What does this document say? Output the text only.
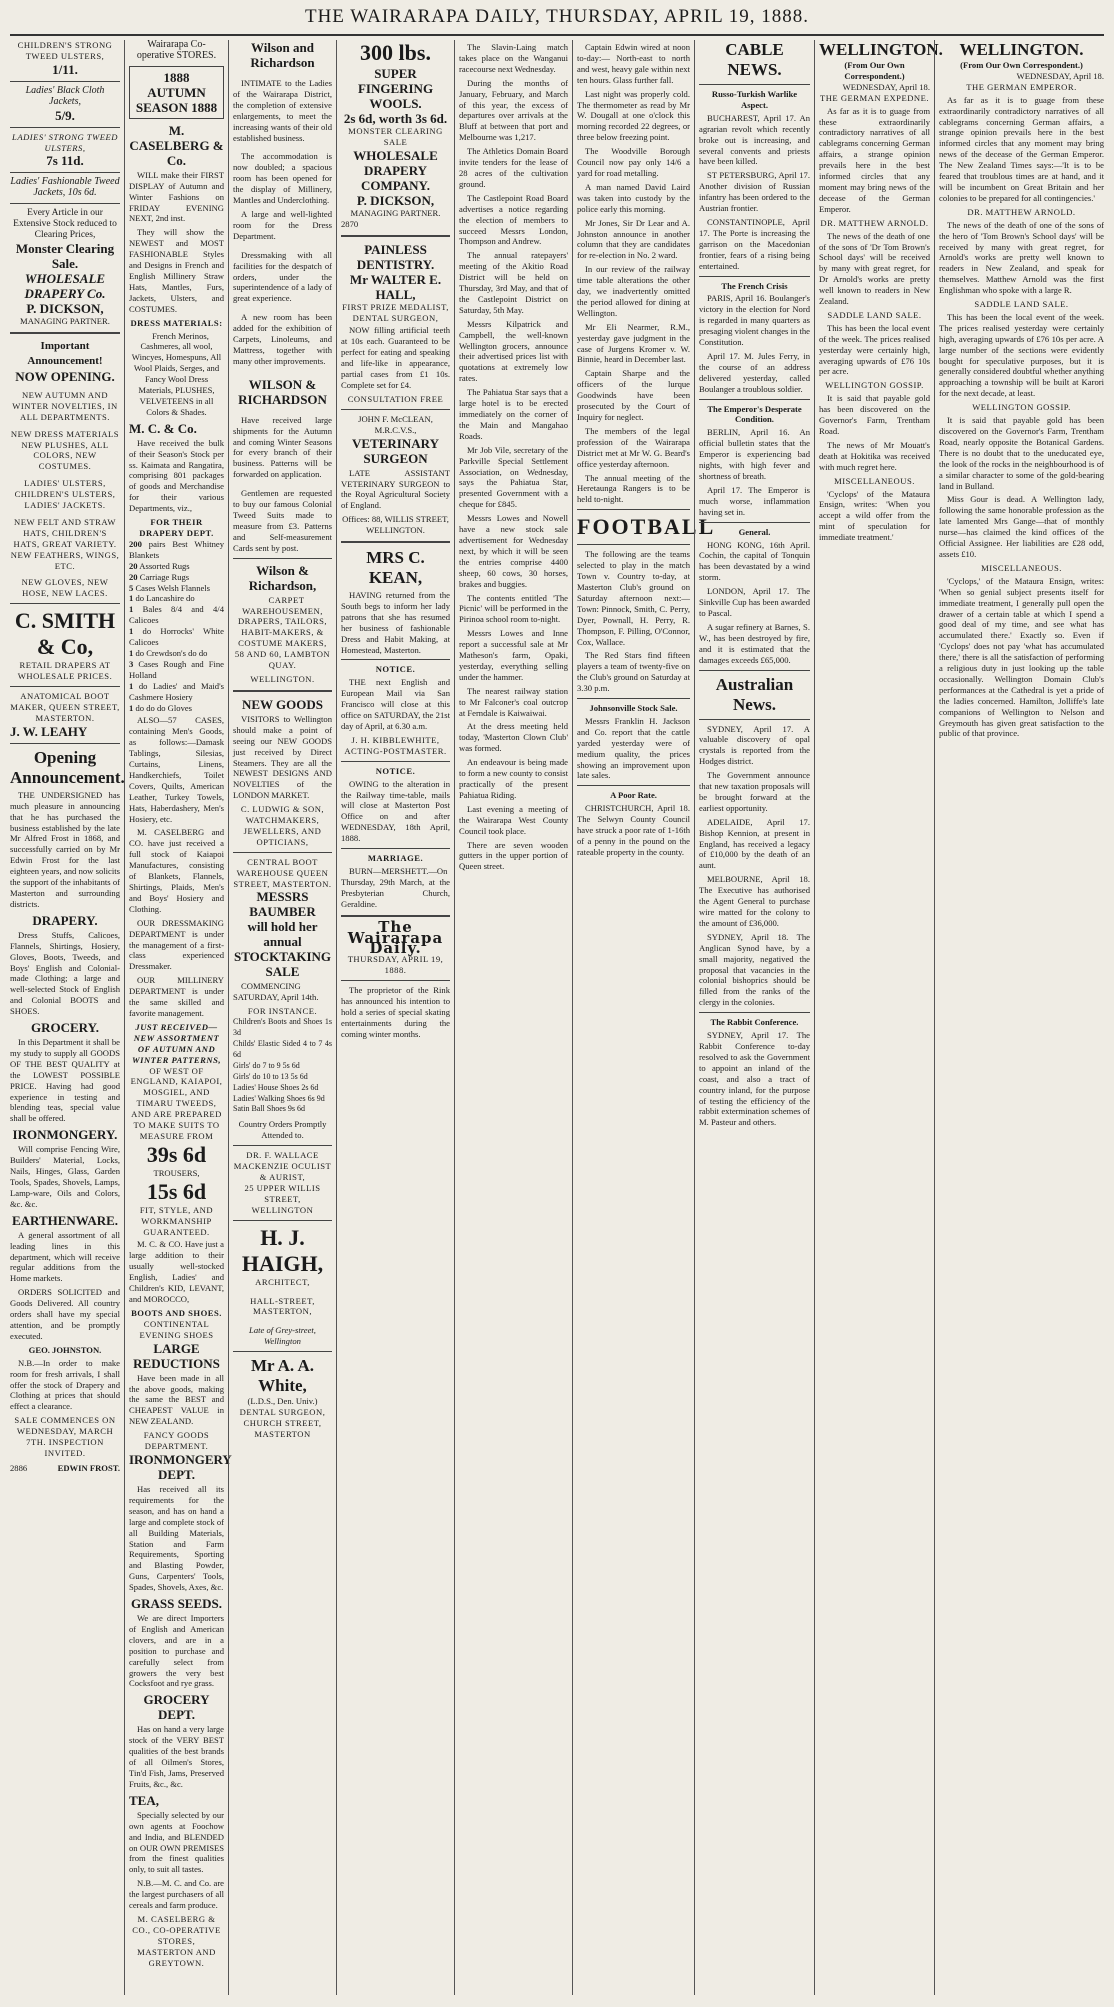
THE WAIRARAPA DAILY, THURSDAY, APRIL 19, 1888.
CHILDREN'S STRONG TWEED ULSTERS,
1/11.
Ladies' Black Cloth Jackets,
5/9.
LADIES' STRONG TWEED ULSTERS,
7s 11d.
Ladies' Fashionable Tweed Jackets, 10s 6d.
Every Article in our Extensive Stock reduced to Clearing Prices,
Monster Clearing Sale.
WHOLESALE DRAPERY Co.
P. DICKSON,
MANAGING PARTNER.
Important Announcement!
NOW OPENING.
NEW AUTUMN AND WINTER NOVELTIES, IN ALL DEPARTMENTS.
NEW DRESS MATERIALS NEW PLUSHES, ALL COLORS, NEW COSTUMES.
LADIES' ULSTERS, CHILDREN'S ULSTERS, LADIES' JACKETS.
NEW FELT AND STRAW HATS, CHILDREN'S HATS, GREAT VARIETY. NEW FEATHERS, WINGS, ETC.
NEW GLOVES, NEW HOSE, NEW LACES.
C. SMITH & Co,
RETAIL DRAPERS AT WHOLESALE PRICES.
ANATOMICAL BOOT MAKER, QUEEN STREET, MASTERTON.
J. W. LEAHY
Opening Announcement.

THE UNDERSIGNED has much pleasure in announcing that he has purchased the business established by the late Mr Alfred Frost in 1868, and successfully carried on by Mr Edwin Frost for the last eighteen years, and now solicits the support of the inhabitants of Masterton and surrounding districts.

DRAPERY.

Dress Stuffs, Calicoes, Flannels, Shirtings, Hosiery, Gloves, Boots, Tweeds, and Boys' English and Colonial-made Clothing; a large and well-selected Stock of English and Colonial BOOTS and SHOES.

GROCERY.

In this Department it shall be my study to supply all GOODS OF THE BEST QUALITY at the LOWEST POSSIBLE PRICE. Having had good experience in testing and blending teas, special value shall be offered.

IRONMONGERY.

Will comprise Fencing Wire, Builders' Material, Locks, Nails, Hinges, Glass, Garden Tools, Spades, Shovels, Lamps, Lamp-ware, Oils and Colors, &c. &c.

EARTHENWARE.

A general assortment of all leading lines in this department, which will receive regular additions from the Home markets.

ORDERS SOLICITED and Goods Delivered. All country orders shall have my special attention, and be promptly executed.

GEO. JOHNSTON.

N.B.—In order to make room for fresh arrivals, I shall offer the stock of Drapery and Clothing at prices that should effect a clearance.

SALE COMMENCES ON WEDNESDAY, MARCH 7TH. INSPECTION INVITED.
2886	EDWIN FROST.
Wairarapa Co-operative STORES.
1888 AUTUMN SEASON 1888
M. CASELBERG & Co.

WILL make their FIRST DISPLAY of Autumn and Winter Fashions on FRIDAY EVENING NEXT, 2nd inst.

They will show the NEWEST and MOST FASHIONABLE Styles and Designs in French and English Millinery Straw Hats, Mantles, Furs, Jackets, Ulsters, and COSTUMES.

DRESS MATERIALS:

French Merinos, Cashmeres, all wool, Wincyes, Homespuns, All Wool Plaids, Serges, and Fancy Wool Dress Materials, PLUSHES, VELVETEENS in all Colors & Shades.

M. C. & Co.

Have received the bulk of their Season's Stock per ss. Kaimata and Rangatira, comprising 801 packages of goods and Merchandise for their various Departments, viz.,

FOR THEIR DRAPERY DEPT.
200 pairs Best Whitney Blankets
20 Assorted Rugs
20 Carriage Rugs
5 Cases Welsh Flannels
1 do Lancashire do
1 Bales 8/4 and 4/4 Calicoes
1 do Horrocks' White Calicoes
1 do Crewdson's do do
3 Cases Rough and Fine Holland
1 do Ladies' and Maid's Cashmere Hosiery
1 do do do Gloves

ALSO—57 CASES, containing Men's Goods, as follows:—Damask Tablings, Silesias, Curtains, Linens, Handkerchiefs, Toilet Covers, Quilts, American Leather, Turkey Towels, Hats, Haberdashery, Men's Hosiery, etc.

M. CASELBERG and CO. have just received a full stock of Kaiapoi Manufactures, consisting of Blankets, Flannels, Shirtings, Plaids, Men's and Boys' Hosiery and Clothing.

OUR DRESSMAKING DEPARTMENT is under the management of a first-class experienced Dressmaker.

OUR MILLINERY DEPARTMENT is under the same skilled and favorite management.

JUST RECEIVED—NEW ASSORTMENT OF AUTUMN AND WINTER PATTERNS,
OF WEST OF ENGLAND, KAIAPOI, MOSGIEL, AND TIMARU TWEEDS, AND ARE PREPARED TO MAKE SUITS TO MEASURE FROM
39s 6d
TROUSERS,
15s 6d
FIT, STYLE, AND WORKMANSHIP GUARANTEED.

M. C. & CO. Have just a large addition to their usually well-stocked English, Ladies' and Children's KID, LEVANT, and MOROCCO,

BOOTS AND SHOES.
CONTINENTAL EVENING SHOES
LARGE REDUCTIONS

Have been made in all the above goods, making the same the BEST and CHEAPEST VALUE in NEW ZEALAND.

FANCY GOODS DEPARTMENT.
IRONMONGERY DEPT.

Has received all its requirements for the season, and has on hand a large and complete stock of all Building Materials, Station and Farm Requirements, Sporting and Blasting Powder, Guns, Carpenters' Tools, Spades, Shovels, Axes, &c.

GRASS SEEDS.

We are direct Importers of English and American clovers, and are in a position to purchase and carefully select from growers the very best Cocksfoot and rye grass.

GROCERY DEPT.

Has on hand a very large stock of the VERY BEST qualities of the best brands of all Oilmen's Stores, Tin'd Fish, Jams, Preserved Fruits, &c., &c.

TEA,

Specially selected by our own agents at Foochow and India, and BLENDED on OUR OWN PREMISES from the finest qualities only, to suit all tastes.

N.B.—M. C. and Co. are the largest purchasers of all cereals and farm produce.

M. CASELBERG & CO., CO-OPERATIVE STORES, MASTERTON AND GREYTOWN.
Wilson and Richardson

INTIMATE to the Ladies of the Wairarapa District, the completion of extensive enlargements, to meet the increasing wants of their old established business.

The accommodation is now doubled; a spacious room has been opened for the display of Millinery, Mantles and Underclothing.

A large and well-lighted room for the Dress Department.

Dressmaking with all facilities for the despatch of orders, under the superintendence of a lady of great experience.

A new room has been added for the exhibition of Carpets, Linoleums, and Mattress, together with many other improvements.

WILSON & RICHARDSON

Have received large shipments for the Autumn and coming Winter Seasons for every branch of their business. Patterns will be forwarded on application.

Gentlemen are requested to buy our famous Colonial Tweed Suits made to measure from £3. Patterns and Self-measurement Cards sent by post.

Wilson & Richardson,

CARPET WAREHOUSEMEN, DRAPERS, TAILORS, HABIT-MAKERS, & COSTUME MAKERS, 58 AND 60, LAMBTON QUAY.

WELLINGTON.
NEW GOODS

VISITORS to Wellington should make a point of seeing our NEW GOODS just received by Direct Steamers. They are all the NEWEST DESIGNS AND NOVELTIES of the LONDON MARKET.

C. LUDWIG & SON, WATCHMAKERS, JEWELLERS, AND OPTICIANS,
CENTRAL BOOT WAREHOUSE QUEEN STREET, MASTERTON.
MESSRS BAUMBER
will hold her annual STOCKTAKING SALE

COMMENCING SATURDAY, April 14th.

FOR INSTANCE.
Children's Boots and Shoes 1s 3d
Childs' Elastic Sided 4 to 7 4s 6d
Girls' do 7 to 9 5s 6d
Girls' do 10 to 13 5s 6d
Ladies' House Shoes 2s 6d
Ladies' Walking Shoes 6s 9d
Satin Ball Shoes 9s 6d
Country Orders Promptly Attended to.
DR. F. WALLACE MACKENZIE OCULIST & AURIST,
25 UPPER WILLIS STREET, WELLINGTON
H. J. HAIGH,
ARCHITECT,
HALL-STREET, MASTERTON,
Late of Grey-street, Wellington
Mr A. A. White,
(L.D.S., Den. Univ.)
DENTAL SURGEON, CHURCH STREET, MASTERTON
300 lbs.
SUPER FINGERING WOOLS.
2s 6d, worth 3s 6d.
MONSTER CLEARING SALE
WHOLESALE DRAPERY COMPANY.
P. DICKSON,
MANAGING PARTNER.
2870
PAINLESS DENTISTRY.
Mr WALTER E. HALL,
FIRST PRIZE MEDALIST, DENTAL SURGEON,

NOW filling artificial teeth at 10s each. Guaranteed to be perfect for eating and speaking and life-like in appearance, partial cases from £1 10s. Complete set for £4.

CONSULTATION FREE
JOHN F. McCLEAN, M.R.C.V.S.,
VETERINARY SURGEON

LATE ASSISTANT VETERINARY SURGEON to the Royal Agricultural Society of England.

Offices: 88, WILLIS STREET, WELLINGTON.
MRS C. KEAN,

HAVING returned from the South begs to inform her lady patrons that she has resumed her business of fashionable Dress and Habit Making, at Homestead, Masterton.

NOTICE.

THE next English and European Mail via San Francisco will close at this office on SATURDAY, the 21st day of April, at 6.30 a.m.

J. H. KIBBLEWHITE, ACTING-POSTMASTER.
NOTICE.

OWING to the alteration in the Railway time-table, mails will close at Masterton Post Office on and after WEDNESDAY, 18th April, 1888.

MARRIAGE.

BURN—MERSHETT.—On Thursday, 29th March, at the Presbyterian Church, Geraldine.

The Wairarapa Daily.
THURSDAY, APRIL 19, 1888.

The proprietor of the Rink has announced his intention to hold a series of special skating entertainments during the coming winter months.

The Slavin-Laing match takes place on the Wanganui racecourse next Wednesday.

During the months of January, February, and March of this year, the excess of departures over arrivals at the Bluff at between that port and Melbourne was 1,217.

The Athletics Domain Board invite tenders for the lease of 28 acres of the cultivation ground.

The Castlepoint Road Board advertises a notice regarding the election of members to succeed Messrs London, Thompson and Andrew.

The annual ratepayers' meeting of the Akitio Road District will be held on Thursday, 3rd May, and that of the Castlepoint District on Saturday, 5th May.

Messrs Kilpatrick and Campbell, the well-known Wellington grocers, announce their advertised prices list with quotations at extremely low rates.

The Pahiatua Star says that a large hotel is to be erected immediately on the corner of the Main and Mangahao Roads.

Mr Job Vile, secretary of the Parkville Special Settlement Association, on Wednesday, says the Pahiatua Star, presented Government with a cheque for £845.

Messrs Lowes and Nowell have a new stock sale advertisement for Wednesday next, by which it will be seen the entries comprise 4400 sheep, 60 cows, 30 horses, brakes and buggies.

The contents entitled 'The Picnic' will be performed in the Pirinoa school room to-night.

Messrs Lowes and Inne report a successful sale at Mr Matheson's farm, Opaki, yesterday, everything selling under the hammer.

The nearest railway station to Mr Falconer's coal outcrop at Ferndale is Kaiwaiwai.

At the dress meeting held today, 'Masterton Clown Club' was formed.

An endeavour is being made to form a new county to consist practically of the present Pahiatua Riding.

Last evening a meeting of the Wairarapa West County Council took place.

There are seven wooden gutters in the upper portion of Queen street.

Captain Edwin wired at noon to-day:— North-east to north and west, heavy gale within next ten hours. Glass further fall.

Last night was properly cold. The thermometer as read by Mr W. Dougall at one o'clock this morning recorded 22 degrees, or three below freezing point.

The Woodville Borough Council now pay only 14/6 a yard for road metalling.

A man named David Laird was taken into custody by the police early this morning.

Mr Jones, Sir Dr Lear and A. Johnston announce in another column that they are candidates for re-election in No. 2 ward.

In our review of the railway time table alterations the other day, we inadvertently omitted the period allowed for dining at Wellington.

Mr Eli Nearmer, R.M., yesterday gave judgment in the case of Jurgens Kromer v. W. Binnie, heard in December last.

Captain Sharpe and the officers of the lurque Goodwinds have been prosecuted by the Court of Inquiry for neglect.

The members of the legal profession of the Wairarapa District met at Mr W. G. Beard's office yesterday afternoon.

The annual meeting of the Heretaunga Rangers is to be held to-night.

FOOTBALL

The following are the teams selected to play in the match Town v. Country to-day, at Masterton Club's ground on Saturday afternoon next:—Town: Pinnock, Smith, C. Perry, Dyer, Pownall, H. Perry, R. Thompson, F. Pilling, O'Connor, Cox, Wallace.

The Red Stars find fifteen players a team of twenty-five on the Club's ground on Saturday at 3.30 p.m.

Johnsonville Stock Sale.

Messrs Franklin H. Jackson and Co. report that the cattle yarded yesterday were of medium quality, the prices showing an improvement upon late sales.

A Poor Rate.

CHRISTCHURCH, April 18. The Selwyn County Council have struck a poor rate of 1-16th of a penny in the pound on the rateable property in the county.

CABLE NEWS.
Russo-Turkish Warlike Aspect.

BUCHAREST, April 17. An agrarian revolt which recently broke out is increasing, and several convents and priests have been killed.

ST PETERSBURG, April 17. Another division of Russian infantry has been ordered to the Austrian frontier.

CONSTANTINOPLE, April 17. The Porte is increasing the garrison on the Macedonian frontier, fears of a rising being entertained.

The French Crisis

PARIS, April 16. Boulanger's victory in the election for Nord is regarded in many quarters as presaging violent changes in the Constitution.

April 17. M. Jules Ferry, in the course of an address delivered yesterday, called Boulanger a troublous soldier.

The Emperor's Desperate Condition.

BERLIN, April 16. An official bulletin states that the Emperor is experiencing bad nights, with high fever and shortness of breath.

April 17. The Emperor is much worse, inflammation having set in.

General.

HONG KONG, 16th April. Cochin, the capital of Tonquin has been devastated by a wind storm.

LONDON, April 17. The Sinkville Cup has been awarded to Pascal.

A sugar refinery at Barnes, S. W., has been destroyed by fire, and it is estimated that the damages exceeds £65,000.

Australian News.

SYDNEY, April 17. A valuable discovery of opal crystals is reported from the Hodges district.

The Government announce that new taxation proposals will be brought forward at the earliest opportunity.

ADELAIDE, April 17. Bishop Kennion, at present in England, has received a legacy of £10,000 by the death of an aunt.

MELBOURNE, April 18. The Executive has authorised the Agent General to purchase wire matted for the colony to the amount of £36,000.

SYDNEY, April 18. The Anglican Synod have, by a small majority, negatived the proposal that vacancies in the colonial bishoprics should be filled from the ranks of the clergy in the colonies.

The Rabbit Conference.

SYDNEY, April 17. The Rabbit Conference to-day resolved to ask the Government to appoint an inland of the coast, and also a tract of country inland, for the purpose of testing the efficiency of the rabbit extermination schemes of M. Pasteur and others.

WELLINGTON.
(From Our Own Correspondent.)
WEDNESDAY, April 18.
THE GERMAN EXPEDNE.

As far as it is to guage from these extraordinarily contradictory narratives of all cablegrams concerning German affairs, a strange opinion prevails here in the best informed circles that any moment may bring news of the decease of the German Emperor.

DR. MATTHEW ARNOLD.

The news of the death of one of the sons of 'Dr Tom Brown's School days' will be received by many with great regret, for Dr Arnold's works are pretty well known to readers in New Zealand.

SADDLE LAND SALE.

This has been the local event of the week. The prices realised yesterday were certainly high, averaging upwards of £76 10s per acre.

WELLINGTON GOSSIP.

It is said that payable gold has been discovered on the Governor's Farm, Trentham Road.

The news of Mr Mouatt's death at Hokitika was received with much regret here.

MISCELLANEOUS.

'Cyclops' of the Mataura Ensign, writes: 'When you accept a wild offer from the mint of speculation for immediate treatment.'

WELLINGTON.
(From Our Own Correspondent.)
WEDNESDAY, April 18.
THE GERMAN EMPEROR.

As far as it is to guage from these extraordinarily contradictory narratives of all cablegrams concerning German affairs, a strange opinion prevails here in the best informed circles that any moment may bring news of the decease of the German Emperor. The New Zealand Times says:—'It is to be feared that troublous times are at hand, and it will be incumbent on Great Britain and her colonies to be prepared for all contingencies.'

DR. MATTHEW ARNOLD.

The news of the death of one of the sons of the hero of 'Tom Brown's School days' will be received by many with great regret, for Arnold's works are pretty well known to readers in New Zealand, and speak for themselves. Matthew Arnold was the first Englishman who spoke with a large R.

SADDLE LAND SALE.

This has been the local event of the week. The prices realised yesterday were certainly high, averaging upwards of £76 10s per acre. A large number of the sections were evidently bought for speculative purposes, but it is generally considered doubtful whether anything approaching a township will be built at Karori for the next decade, at least.

WELLINGTON GOSSIP.

It is said that payable gold has been discovered on the Governor's Farm, Trentham Road, nearly opposite the Botanical Gardens. There is no doubt that to the uneducated eye, the look of the rocks in the neighbourhood is of a similar character to some of the gold-bearing land in Bulland.

Miss Gour is dead. A Wellington lady, following the same honorable profession as the late lamented Mrs Gange—that of monthly nurse—has claimed the kind offices of the Official Assignee. Her liabilities are £28 odd, assets £10.

MISCELLANEOUS.

'Cyclops,' of the Mataura Ensign, writes: 'When so genial subject presents itself for immediate treatment, I generally pull open the drawer of a certain table at which I spend a good deal of my time, and see what has accumulated there.' Exactly so. Even if 'Cyclops' does not pay 'what has accumulated there,' there is all the satisfaction of performing a religious duty in just looking up the table occasionally. Wellington Domain Club's performances at the Cathedral is yet a pride of the ladies concerned. Hamilton, Jolliffe's late companions of Wellington to Nelson and Greymouth has given great satisfaction to the public of that province.
